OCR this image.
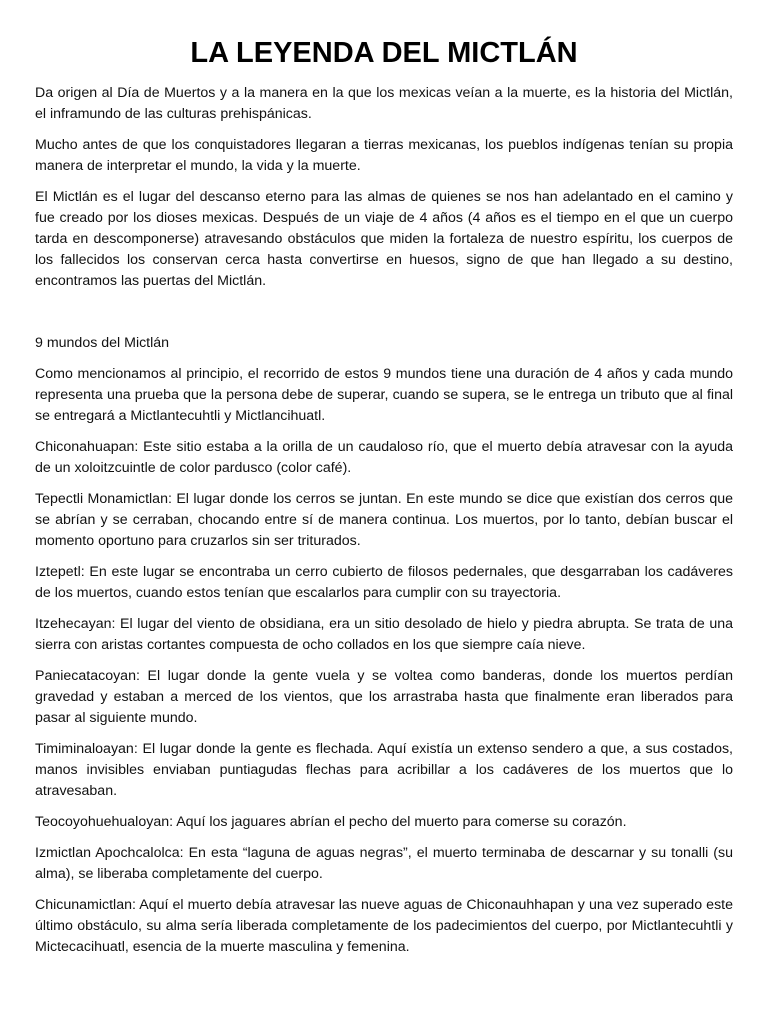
LA LEYENDA DEL MICTLÁN

Da origen al Día de Muertos y a la manera en la que los mexicas veían a la muerte, es la historia del Mictlán, el inframundo de las culturas prehispánicas.

Mucho antes de que los conquistadores llegaran a tierras mexicanas, los pueblos indígenas tenían su propia manera de interpretar el mundo, la vida y la muerte.

El Mictlán es el lugar del descanso eterno para las almas de quienes se nos han adelantado en el camino y fue creado por los dioses mexicas. Después de un viaje de 4 años (4 años es el tiempo en el que un cuerpo tarda en descomponerse) atravesando obstáculos que miden la fortaleza de nuestro espíritu, los cuerpos de los fallecidos los conservan cerca hasta convertirse en huesos, signo de que han llegado a su destino, encontramos las puertas del Mictlán.

9 mundos del Mictlán

Como mencionamos al principio, el recorrido de estos 9 mundos tiene una duración de 4 años y cada mundo representa una prueba que la persona debe de superar, cuando se supera, se le entrega un tributo que al final se entregará a Mictlantecuhtli y Mictlancihuatl.

Chiconahuapan: Este sitio estaba a la orilla de un caudaloso río, que el muerto debía atravesar con la ayuda de un xoloitzcuintle de color pardusco (color café).

Tepectli Monamictlan: El lugar donde los cerros se juntan. En este mundo se dice que existían dos cerros que se abrían y se cerraban, chocando entre sí de manera continua. Los muertos, por lo tanto, debían buscar el momento oportuno para cruzarlos sin ser triturados.

Iztepetl: En este lugar se encontraba un cerro cubierto de filosos pedernales, que desgarraban los cadáveres de los muertos, cuando estos tenían que escalarlos para cumplir con su trayectoria.

Itzehecayan: El lugar del viento de obsidiana, era un sitio desolado de hielo y piedra abrupta. Se trata de una sierra con aristas cortantes compuesta de ocho collados en los que siempre caía nieve.

Paniecatacoyan: El lugar donde la gente vuela y se voltea como banderas, donde los muertos perdían gravedad y estaban a merced de los vientos, que los arrastraba hasta que finalmente eran liberados para pasar al siguiente mundo.

Timiminaloayan: El lugar donde la gente es flechada. Aquí existía un extenso sendero a que, a sus costados, manos invisibles enviaban puntiagudas flechas para acribillar a los cadáveres de los muertos que lo atravesaban.

Teocoyohuehualoyan: Aquí los jaguares abrían el pecho del muerto para comerse su corazón.

Izmictlan Apochcalolca: En esta “laguna de aguas negras”, el muerto terminaba de descarnar y su tonalli (su alma), se liberaba completamente del cuerpo.

Chicunamictlan: Aquí el muerto debía atravesar las nueve aguas de Chiconauhhapan y una vez superado este último obstáculo, su alma sería liberada completamente de los padecimientos del cuerpo, por Mictlantecuhtli y Mictecacihuatl, esencia de la muerte masculina y femenina.
